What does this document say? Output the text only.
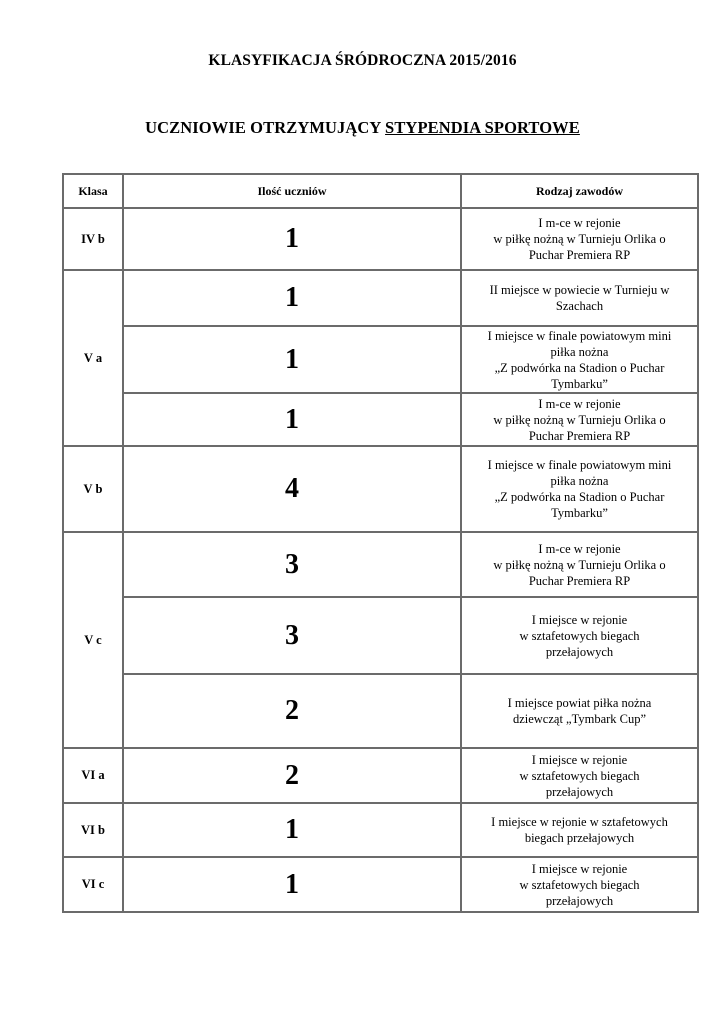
KLASYFIKACJA ŚRÓDROCZNA 2015/2016
UCZNIOWIE OTRZYMUJĄCY STYPENDIA SPORTOWE
Klasa	Ilość uczniów	Rodzaj zawodów
IV b	1	I m-ce w rejonie
w piłkę nożną w Turnieju Orlika o
Puchar Premiera RP

V a	1	II miejsce w powiecie w Turnieju w
Szachach

	1	I miejsce w finale powiatowym mini
piłka nożna
„Z podwórka na Stadion o Puchar
Tymbarku”

	1	I m-ce w rejonie
w piłkę nożną w Turnieju Orlika o
Puchar Premiera RP

V b	4	I miejsce w finale powiatowym mini
piłka nożna
„Z podwórka na Stadion o Puchar
Tymbarku”

V c	3	I m-ce w rejonie
w piłkę nożną w Turnieju Orlika o
Puchar Premiera RP

	3	I miejsce w rejonie
w sztafetowych biegach
przełajowych

	2	I miejsce powiat piłka nożna
dziewcząt „Tymbark Cup”

VI a	2	I miejsce w rejonie
w sztafetowych biegach
przełajowych

VI b	1	I miejsce w rejonie w sztafetowych
biegach przełajowych

VI c	1	I miejsce w rejonie
w sztafetowych biegach
przełajowych
